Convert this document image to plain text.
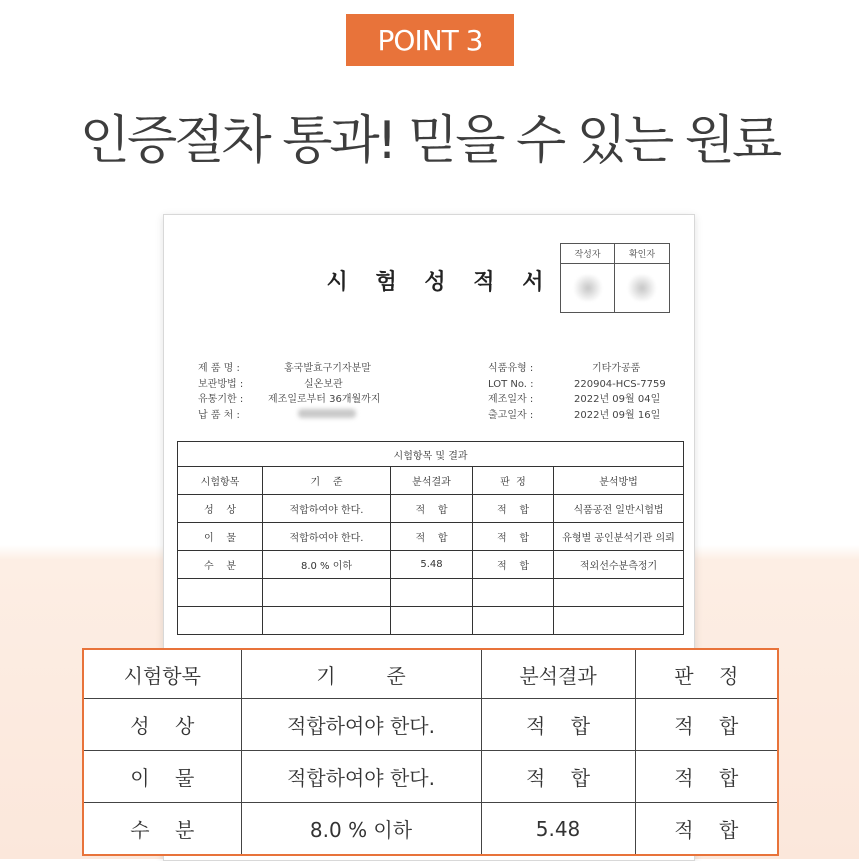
POINT 3
인증절차 통과! 믿을 수 있는 원료
시 험 성 적 서
작성자	확인자
제 품 명 :	홍국발효구기자분말
보관방법 :	실온보관
유통기한 :	제조일로부터 36개월까지
납 품 처 :
식품유형 :	기타가공품
LOT No. :	220904-HCS-7759
제조일자 :	2022년 09월 04일
출고일자 :	2022년 09월 16일
시험항목 및 결과				
시험항목	기    준	분석결과	판  정	분석방법
성    상	적합하여야 한다.	적    합	적    합	식품공전 일반시험법
이    물	적합하여야 한다.	적    합	적    합	유형별 공인분석기관 의뢰
수    분	8.0 % 이하	5.48	적    합	적외선수분측정기

시험항목	기        준	분석결과	판    정
성    상	적합하여야 한다.	적    합	적    합
이    물	적합하여야 한다.	적    합	적    합
수    분	8.0 % 이하	5.48	적    합
